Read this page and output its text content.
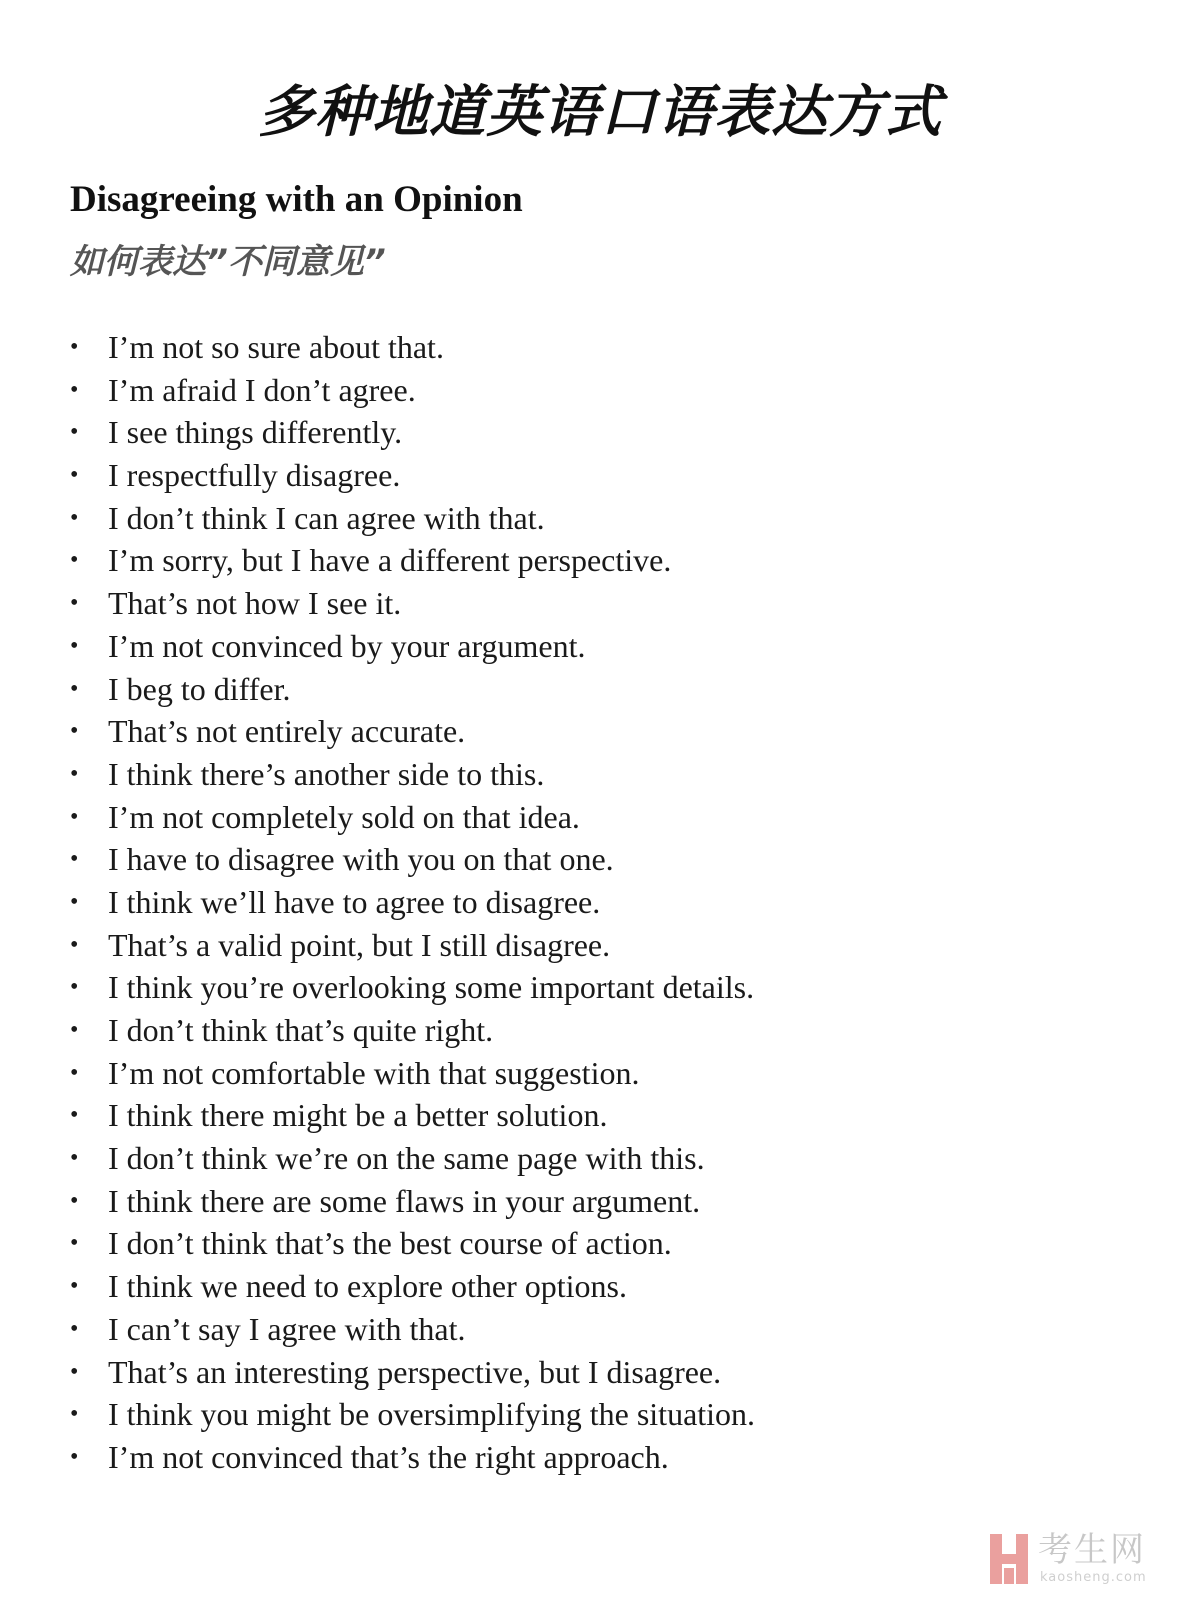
多种地道英语口语表达方式
Disagreeing with an Opinion
如何表达”不同意见”
• I’m not so sure about that.
• I’m afraid I don’t agree.
• I see things differently.
• I respectfully disagree.
• I don’t think I can agree with that.
• I’m sorry, but I have a different perspective.
• That’s not how I see it.
• I’m not convinced by your argument.
• I beg to differ.
• That’s not entirely accurate.
• I think there’s another side to this.
• I’m not completely sold on that idea.
• I have to disagree with you on that one.
• I think we’ll have to agree to disagree.
• That’s a valid point, but I still disagree.
• I think you’re overlooking some important details.
• I don’t think that’s quite right.
• I’m not comfortable with that suggestion.
• I think there might be a better solution.
• I don’t think we’re on the same page with this.
• I think there are some flaws in your argument.
• I don’t think that’s the best course of action.
• I think we need to explore other options.
• I can’t say I agree with that.
• That’s an interesting perspective, but I disagree.
• I think you might be oversimplifying the situation.
• I’m not convinced that’s the right approach.
考生网
kaosheng.com
